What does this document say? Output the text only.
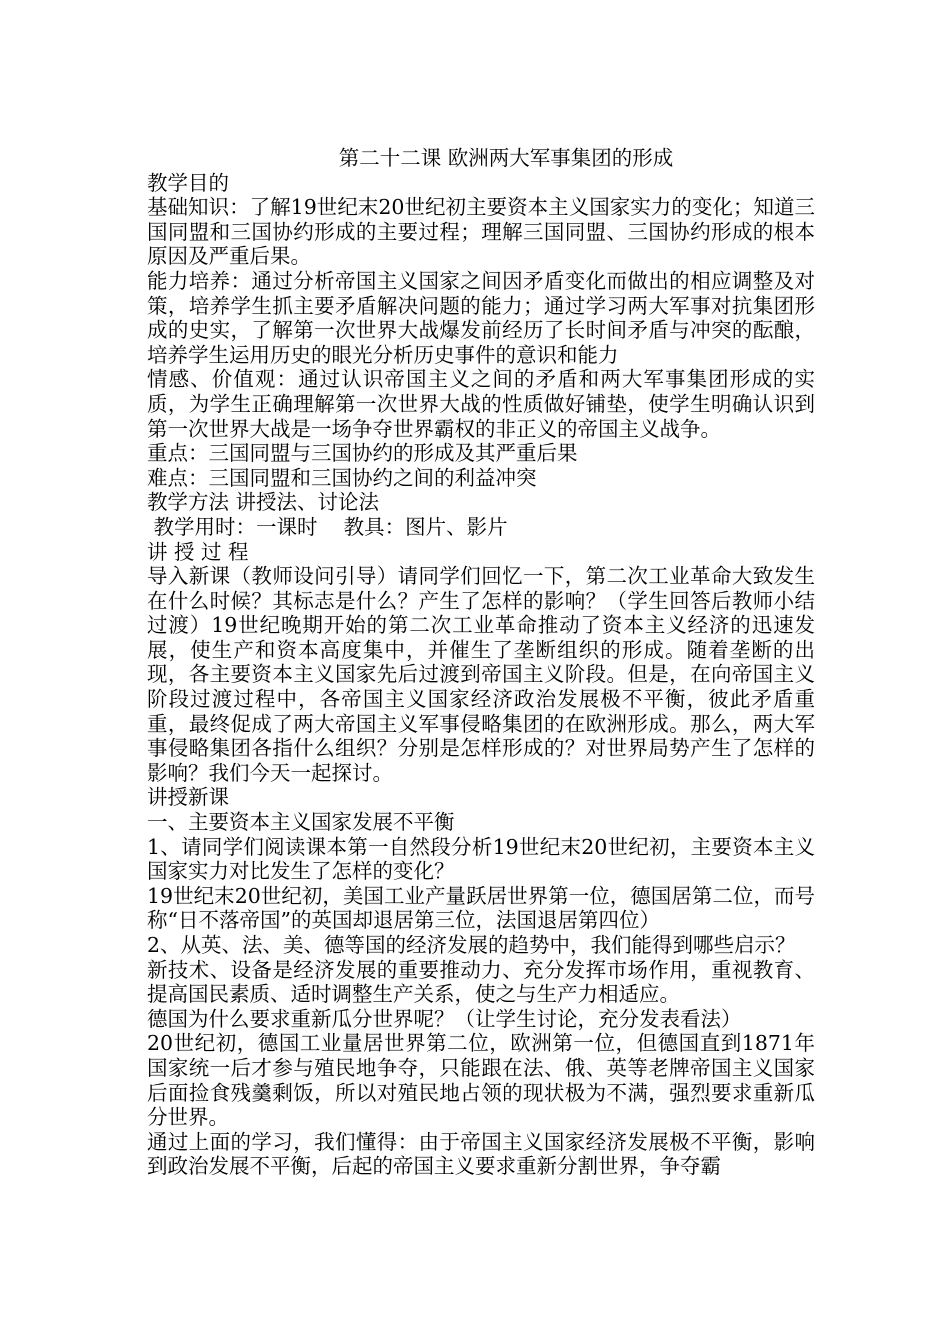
第二十二课 欧洲两大军事集团的形成

教学目的

基础知识：了解19世纪末20世纪初主要资本主义国家实力的变化；知道三国同盟和三国协约形成的主要过程；理解三国同盟、三国协约形成的根本原因及严重后果。

能力培养：通过分析帝国主义国家之间因矛盾变化而做出的相应调整及对策，培养学生抓主要矛盾解决问题的能力；通过学习两大军事对抗集团形成的史实，了解第一次世界大战爆发前经历了长时间矛盾与冲突的酝酿，培养学生运用历史的眼光分析历史事件的意识和能力

情感、价值观：通过认识帝国主义之间的矛盾和两大军事集团形成的实质，为学生正确理解第一次世界大战的性质做好铺垫，使学生明确认识到第一次世界大战是一场争夺世界霸权的非正义的帝国主义战争。

重点：三国同盟与三国协约的形成及其严重后果

难点：三国同盟和三国协约之间的利益冲突

教学方法 讲授法、讨论法

教学用时：一课时    教具：图片、影片

讲 授 过 程

导入新课（教师设问引导）请同学们回忆一下，第二次工业革命大致发生在什么时候？其标志是什么？产生了怎样的影响？（学生回答后教师小结过渡）19世纪晚期开始的第二次工业革命推动了资本主义经济的迅速发展，使生产和资本高度集中，并催生了垄断组织的形成。随着垄断的出现，各主要资本主义国家先后过渡到帝国主义阶段。但是，在向帝国主义阶段过渡过程中，各帝国主义国家经济政治发展极不平衡，彼此矛盾重重，最终促成了两大帝国主义军事侵略集团的在欧洲形成。那么，两大军事侵略集团各指什么组织？分别是怎样形成的？对世界局势产生了怎样的影响？我们今天一起探讨。

讲授新课

一、主要资本主义国家发展不平衡

1、请同学们阅读课本第一自然段分析19世纪末20世纪初，主要资本主义国家实力对比发生了怎样的变化？

19世纪末20世纪初，美国工业产量跃居世界第一位，德国居第二位，而号称“日不落帝国”的英国却退居第三位，法国退居第四位）

2、从英、法、美、德等国的经济发展的趋势中，我们能得到哪些启示？

新技术、设备是经济发展的重要推动力、充分发挥市场作用，重视教育、提高国民素质、适时调整生产关系，使之与生产力相适应。

德国为什么要求重新瓜分世界呢？（让学生讨论，充分发表看法）

20世纪初，德国工业量居世界第二位，欧洲第一位，但德国直到1871年国家统一后才参与殖民地争夺，只能跟在法、俄、英等老牌帝国主义国家后面捡食残羹剩饭，所以对殖民地占领的现状极为不满，强烈要求重新瓜分世界。

通过上面的学习，我们懂得：由于帝国主义国家经济发展极不平衡，影响到政治发展不平衡，后起的帝国主义要求重新分割世界，争夺霸
